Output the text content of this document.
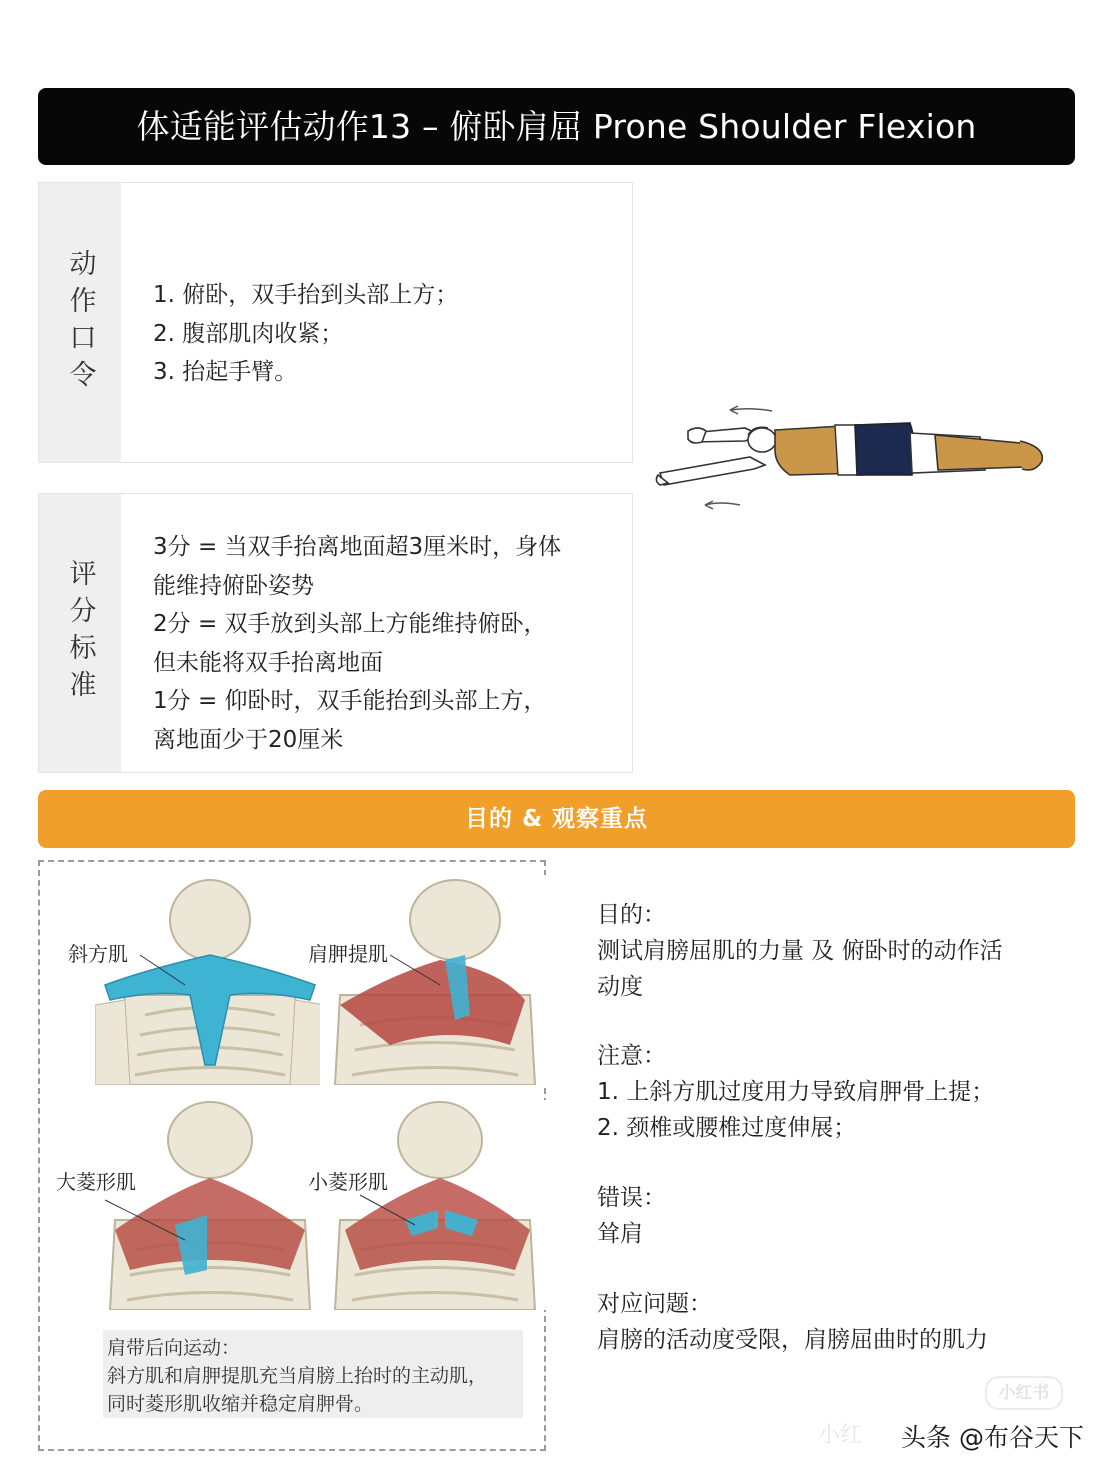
体适能评估动作13 – 俯卧肩屈 Prone Shoulder Flexion
动作口令	1. 俯卧，双手抬到头部上方；
2. 腹部肌肉收紧；
3. 抬起手臂。
评分标准
3分 = 当双手抬离地面超3厘米时，身体
能维持俯卧姿势
2分 = 双手放到头部上方能维持俯卧，
但未能将双手抬离地面
1分 = 仰卧时，双手能抬到头部上方，
离地面少于20厘米
目的 & 观察重点
斜方肌	肩胛提肌
大菱形肌	小菱形肌
肩带后向运动：
斜方肌和肩胛提肌充当肩膀上抬时的主动肌，
同时菱形肌收缩并稳定肩胛骨。
目的：
测试肩膀屈肌的力量 及 俯卧时的动作活
动度
注意：
1. 上斜方肌过度用力导致肩胛骨上提；
2. 颈椎或腰椎过度伸展；
错误：
耸肩
对应问题：
肩膀的活动度受限，肩膀屈曲时的肌力
小红书
小红 头条 @布谷天下
